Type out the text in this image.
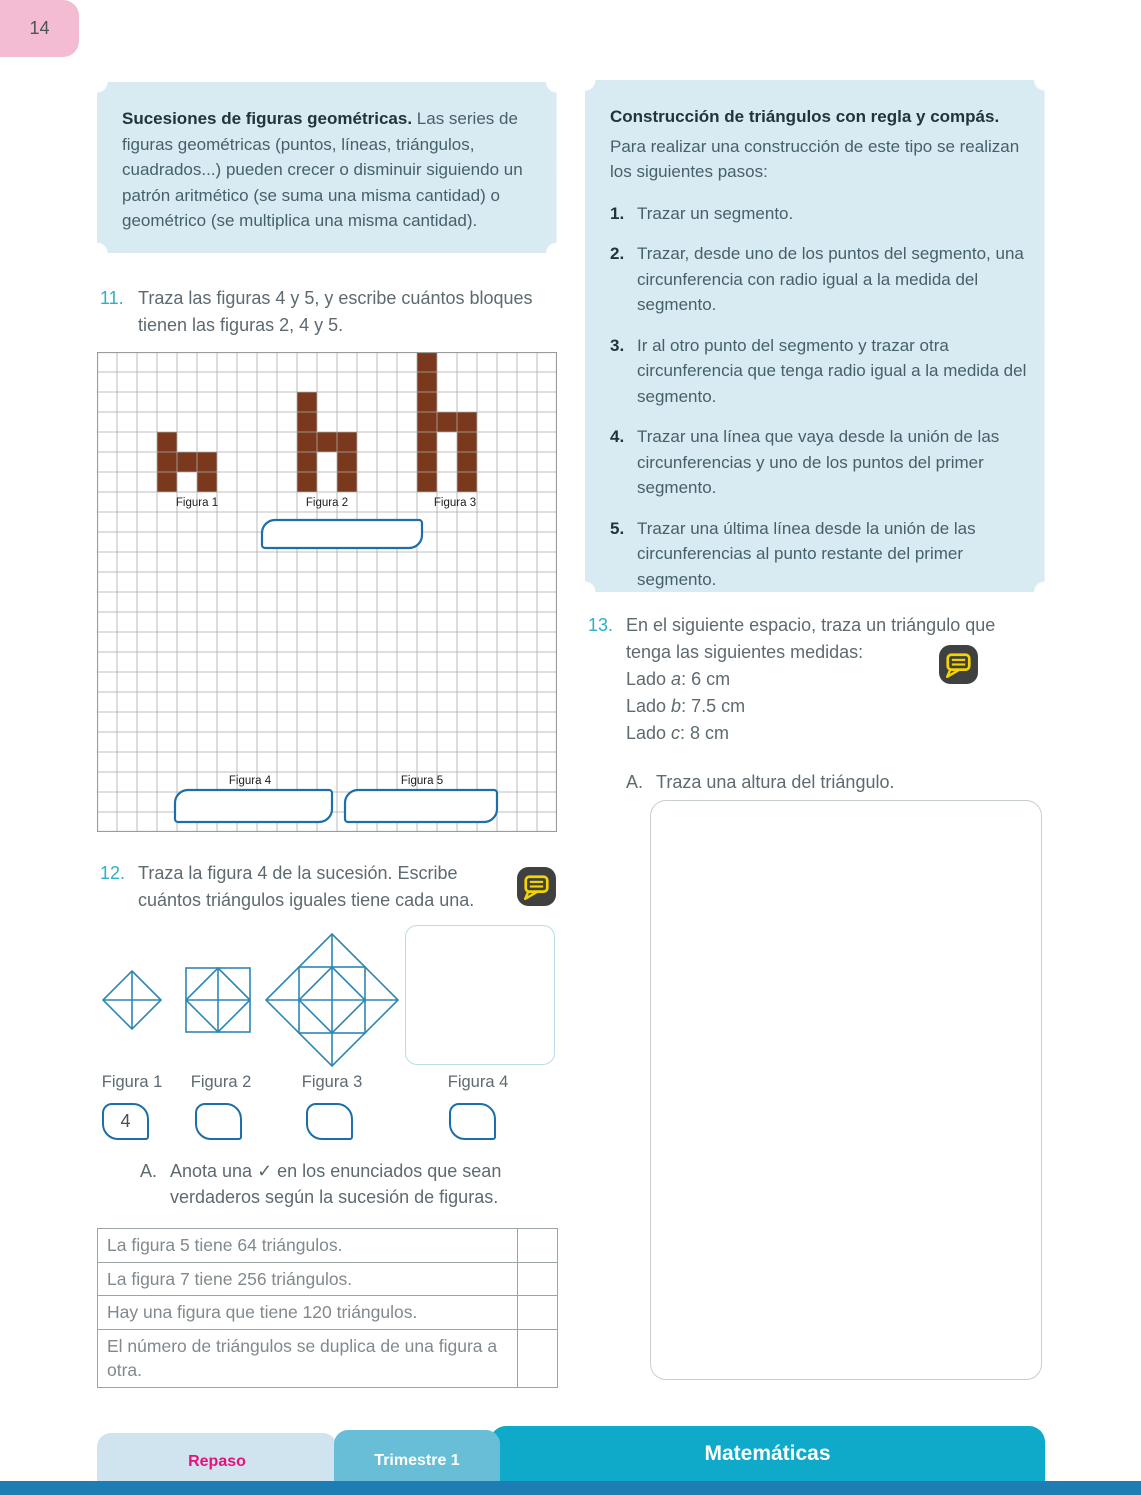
14

Sucesiones de figuras geométricas. Las series de figuras geométricas (puntos, líneas, triángulos, cuadrados...) pueden crecer o disminuir siguiendo un patrón aritmético (se suma una misma cantidad) o geométrico (se multiplica una misma cantidad).

Construcción de triángulos con regla y compás.

Para realizar una construcción de este tipo se realizan los siguientes pasos:

1. Trazar un segmento.
2. Trazar, desde uno de los puntos del segmento, una circunferencia con radio igual a la medida del segmento.
3. Ir al otro punto del segmento y trazar otra circunferencia que tenga radio igual a la medida del segmento.
4. Trazar una línea que vaya desde la unión de las circunferencias y uno de los puntos del primer segmento.
5. Trazar una última línea desde la unión de las circunferencias al punto restante del primer segmento.
11. Traza las figuras 4 y 5, y escribe cuántos bloques tienen las figuras 2, 4 y 5.
Figura 1	Figura 2	Figura 3
Figura 4	Figura 5
12. Traza la figura 4 de la sucesión. Escribe cuántos triángulos iguales tiene cada una.
Figura 1 Figura 2	Figura 3	Figura 4
4
A. Anota una ✓ en los enunciados que sean verdaderos según la sucesión de figuras.
La figura 5 tiene 64 triángulos.
La figura 7 tiene 256 triángulos.
Hay una figura que tiene 120 triángulos.
El número de triángulos se duplica de una figura a otra.
13. En el siguiente espacio, traza un triángulo que tenga las siguientes medidas:
Lado a: 6 cm
Lado b: 7.5 cm
Lado c: 8 cm
A. Traza una altura del triángulo.
Repaso	Matemáticas
Trimestre 1
